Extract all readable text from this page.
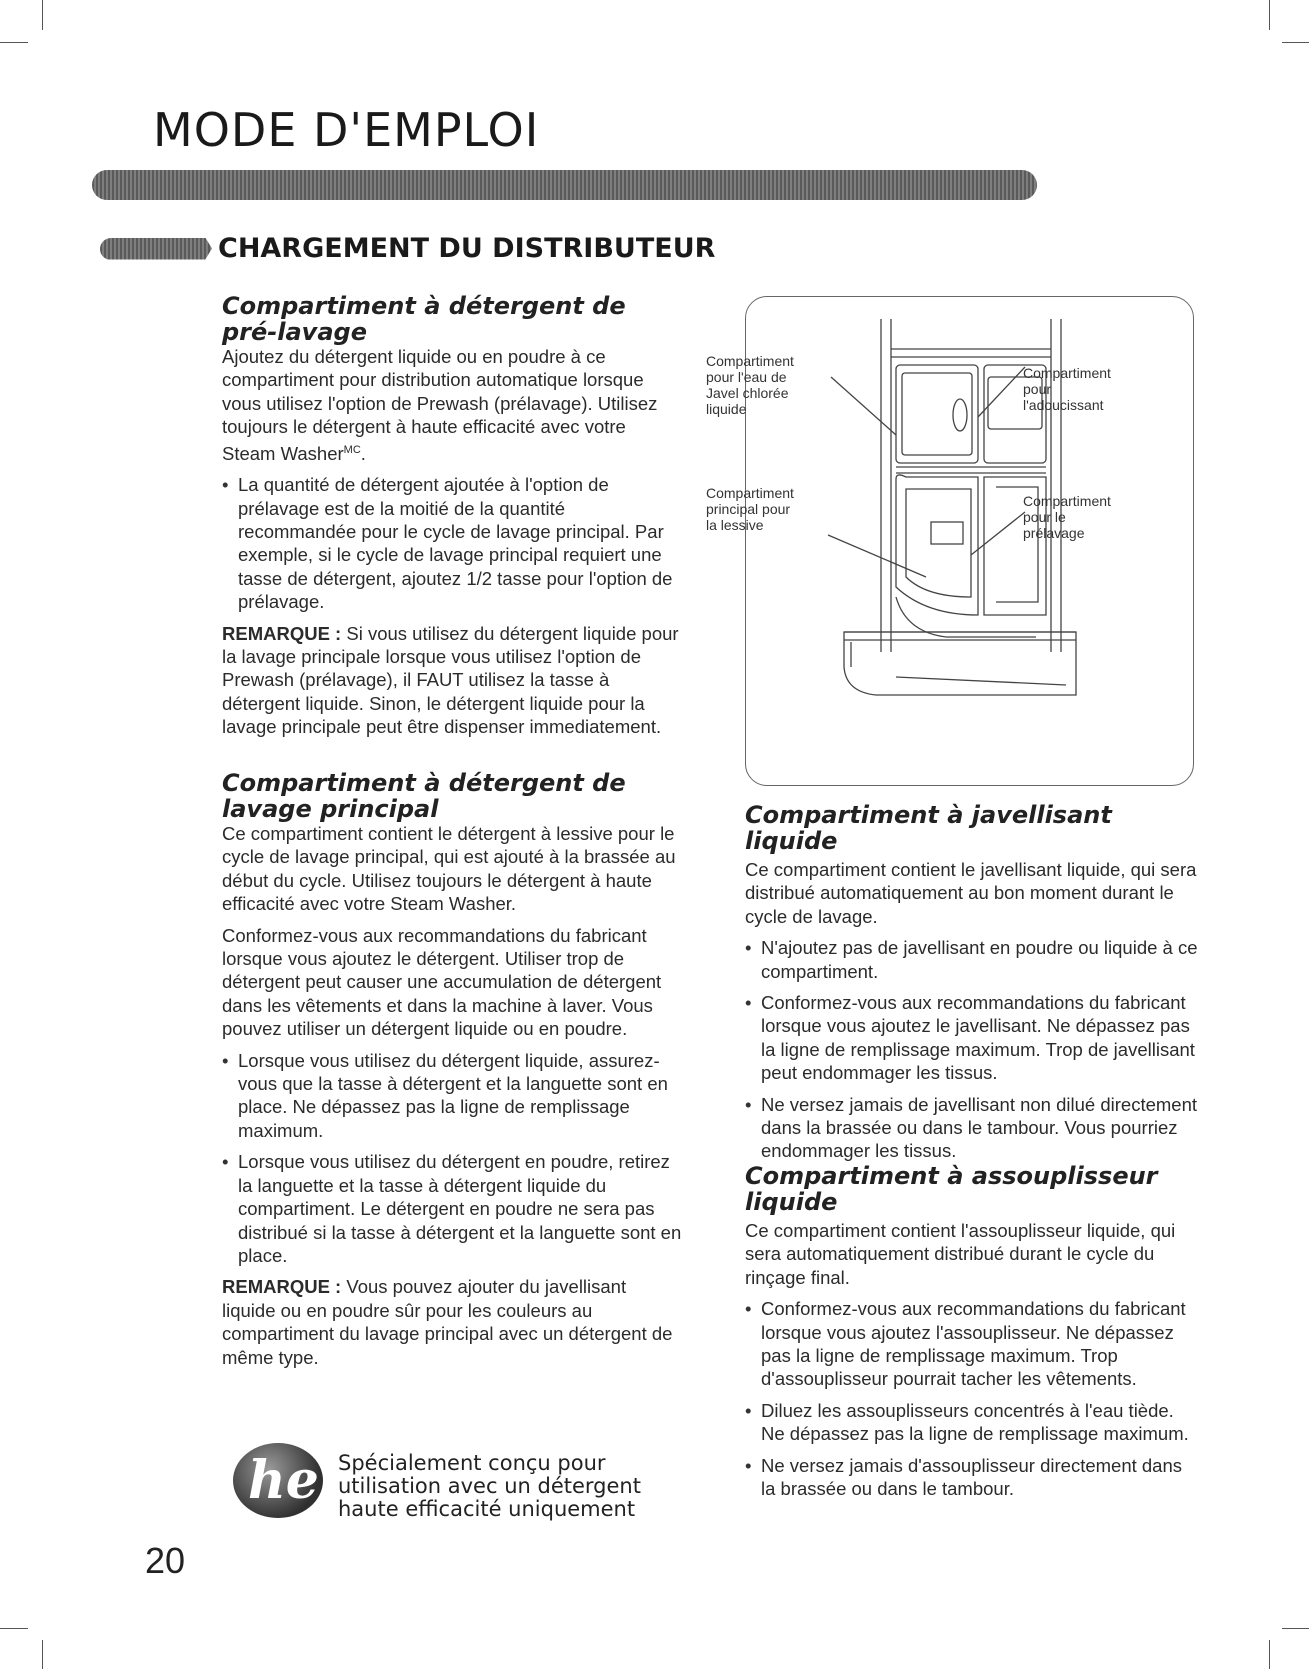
MODE D'EMPLOI
CHARGEMENT DU DISTRIBUTEUR
Compartiment à détergent de
pré-lavage

Ajoutez du détergent liquide ou en poudre à ce compartiment pour distribution automatique lorsque vous utilisez l'option de Prewash (prélavage). Utilisez toujours le détergent à haute efficacité avec votre Steam Washer$^{MC}$.

• La quantité de détergent ajoutée à l'option de prélavage est de la moitié de la quantité recommandée pour le cycle de lavage principal. Par exemple, si le cycle de lavage principal requiert une tasse de détergent, ajoutez 1/2 tasse pour l'option de prélavage.

REMARQUE : Si vous utilisez du détergent liquide pour la lavage principale lorsque vous utilisez l'option de Prewash (prélavage), il FAUT utilisez la tasse à détergent liquide. Sinon, le détergent liquide pour la lavage principale peut être dispenser immediatement.

Compartiment à détergent de
lavage principal

Ce compartiment contient le détergent à lessive pour le cycle de lavage principal, qui est ajouté à la brassée au début du cycle. Utilisez toujours le détergent à haute efficacité avec votre Steam Washer.

Conformez-vous aux recommandations du fabricant lorsque vous ajoutez le détergent. Utiliser trop de détergent peut causer une accumulation de détergent dans les vêtements et dans la machine à laver. Vous pouvez utiliser un détergent liquide ou en poudre.

• Lorsque vous utilisez du détergent liquide, assurez-vous que la tasse à détergent et la languette sont en place. Ne dépassez pas la ligne de remplissage maximum.
• Lorsque vous utilisez du détergent en poudre, retirez la languette et la tasse à détergent liquide du compartiment. Le détergent en poudre ne sera pas distribué si la tasse à détergent et la languette sont en place.

REMARQUE : Vous pouvez ajouter du javellisant liquide ou en poudre sûr pour les couleurs au compartiment du lavage principal avec un détergent de même type.

he Spécialement conçu pour
utilisation avec un détergent
haute efficacité uniquement
Compartiment
pour l'eau de
Javel chlorée
liquide
Compartiment
pour
l'adoucissant
Compartiment
principal pour
la lessive
Compartiment
pour le
prélavage
Compartiment à javellisant liquide

Ce compartiment contient le javellisant liquide, qui sera distribué automatiquement au bon moment durant le cycle de lavage.

• N'ajoutez pas de javellisant en poudre ou liquide à ce compartiment.
• Conformez-vous aux recommandations du fabricant lorsque vous ajoutez le javellisant. Ne dépassez pas la ligne de remplissage maximum. Trop de javellisant peut endommager les tissus.
• Ne versez jamais de javellisant non dilué directement dans la brassée ou dans le tambour. Vous pourriez endommager les tissus.
Compartiment à assouplisseur liquide

Ce compartiment contient l'assouplisseur liquide, qui sera automatiquement distribué durant le cycle du rinçage final.

• Conformez-vous aux recommandations du fabricant lorsque vous ajoutez l'assouplisseur. Ne dépassez pas la ligne de remplissage maximum. Trop d'assouplisseur pourrait tacher les vêtements.
• Diluez les assouplisseurs concentrés à l'eau tiède. Ne dépassez pas la ligne de remplissage maximum.
• Ne versez jamais d'assouplisseur directement dans la brassée ou dans le tambour.
20
